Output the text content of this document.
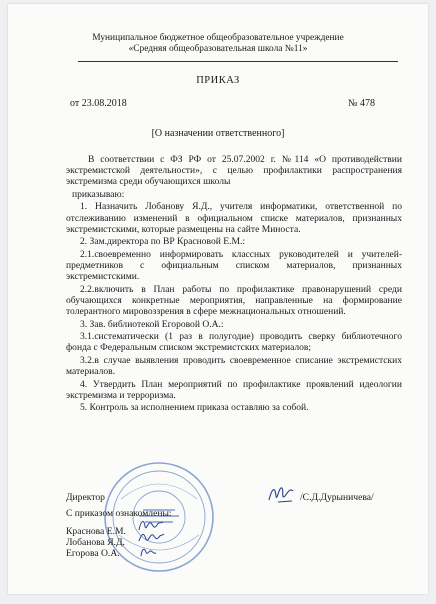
Муниципальное бюджетное общеобразовательное учреждение
«Средняя общеобразовательная школа №11»
ПРИКАЗ
от 23.08.2018	№ 478
[О назначении ответственного]

В соответствии с ФЗ РФ от 25.07.2002 г. №114 «О противодействии экстремистской деятельности», с целью профилактики распространения экстремизма среди обучающихся школы

приказываю:

1. Назначить Лобанову Я.Д., учителя информатики, ответственной по отслеживанию изменений в официальном списке материалов, признанных экстремистскими, которые размещены на сайте Миноста.

2. Зам.директора по ВР Красновой Е.М.:

2.1.своевременно информировать классных руководителей и учителей-предметников с официальным списком материалов, признанных экстремистскими.

2.2.включить в План работы по профилактике правонарушений среди обучающихся конкретные мероприятия, направленные на формирование толерантного мировоззрения в сфере межнациональных отношений.

3. Зав. библиотекой Егоровой О.А.:

3.1.систематически (1 раз в полугодие) проводить сверку библиотечного фонда с Федеральным списком экстремистских материалов;

3.2.в случае выявления проводить своевременное списание экстремистских материалов.

4. Утвердить План мероприятий по профилактике проявлений идеологии экстремизма и терроризма.

5. Контроль за исполнением приказа оставляю за собой.

Директор	/С.Д.Дурыничева/
С приказом ознакомлены:
Краснова Е.М.
Лобанова Я.Д.
Егорова О.А.
